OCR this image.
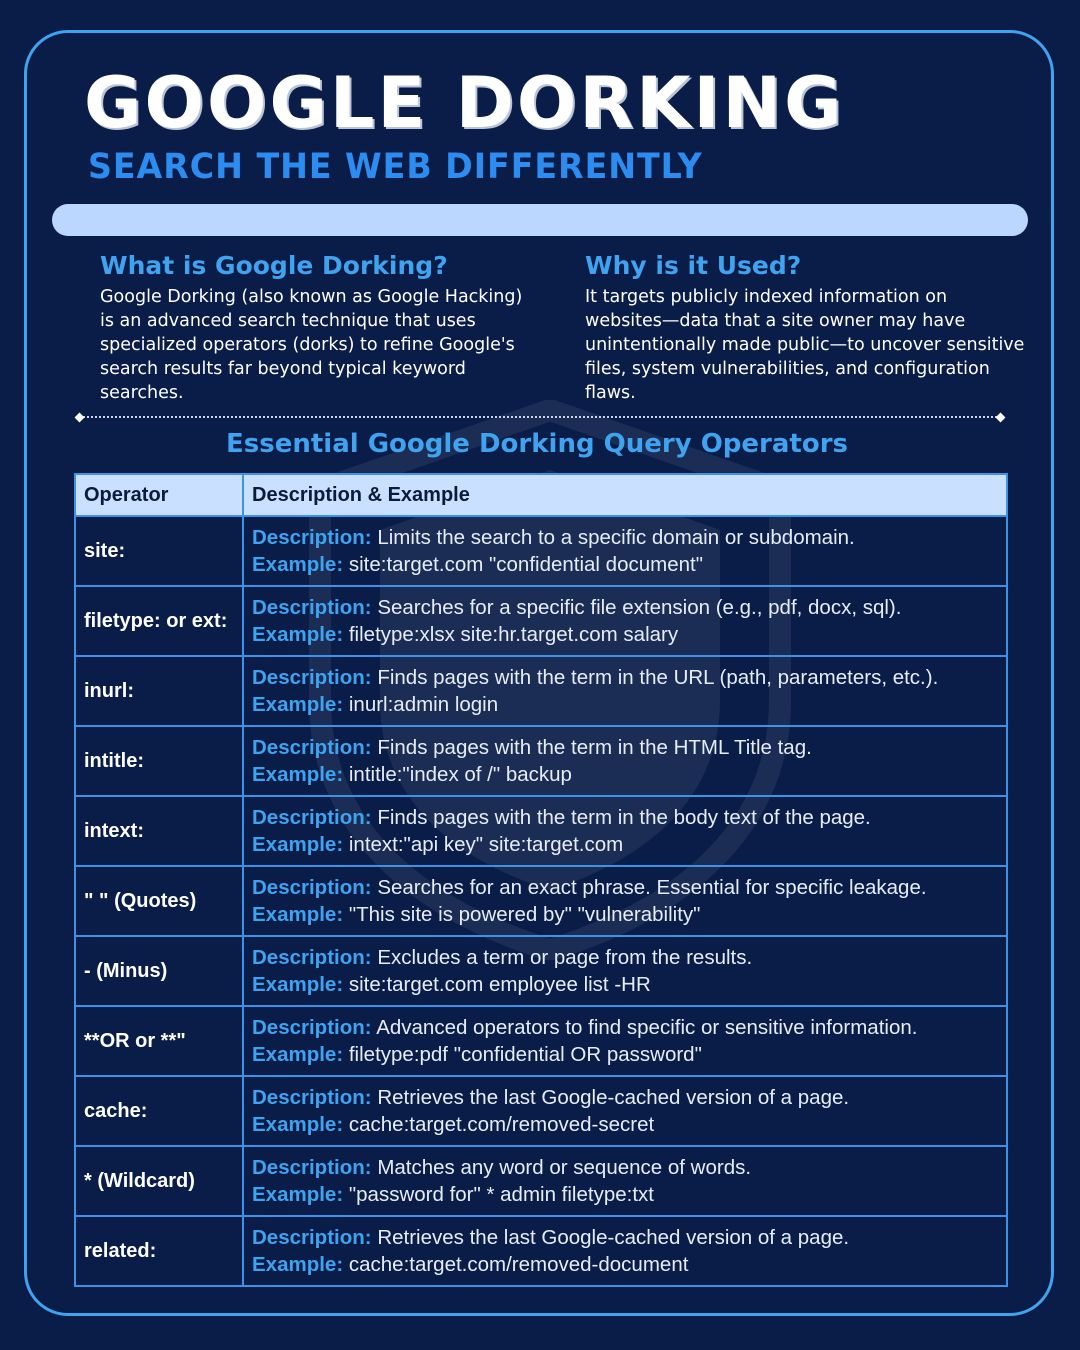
GOOGLE DORKING
SEARCH THE WEB DIFFERENTLY
What is Google Dorking?

Google Dorking (also known as Google Hacking) is an advanced search technique that uses specialized operators (dorks) to refine Google's search results far beyond typical keyword searches.

Why is it Used?

It targets publicly indexed information on websites—data that a site owner may have unintentionally made public—to uncover sensitive files, system vulnerabilities, and configuration flaws.

Essential Google Dorking Query Operators
Operator	Description & Example
site:	Description: Limits the search to a specific domain or subdomain.
Example: site:target.com "confidential document"

filetype: or ext:	Description: Searches for a specific file extension (e.g., pdf, docx, sql).
Example: filetype:xlsx site:hr.target.com salary

inurl:	Description: Finds pages with the term in the URL (path, parameters, etc.).
Example: inurl:admin login

intitle:	Description: Finds pages with the term in the HTML Title tag.
Example: intitle:"index of /" backup

intext:	Description: Finds pages with the term in the body text of the page.
Example: intext:"api key" site:target.com

" " (Quotes)	Description: Searches for an exact phrase. Essential for specific leakage.
Example: "This site is powered by" "vulnerability"

- (Minus)	Description: Excludes a term or page from the results.
Example: site:target.com employee list -HR

**OR or **"	Description: Advanced operators to find specific or sensitive information.
Example: filetype:pdf "confidential OR password"

cache:	Description: Retrieves the last Google-cached version of a page.
Example: cache:target.com/removed-secret

* (Wildcard)	Description: Matches any word or sequence of words.
Example: "password for" * admin filetype:txt

related:	Description: Retrieves the last Google-cached version of a page.
Example: cache:target.com/removed-document
